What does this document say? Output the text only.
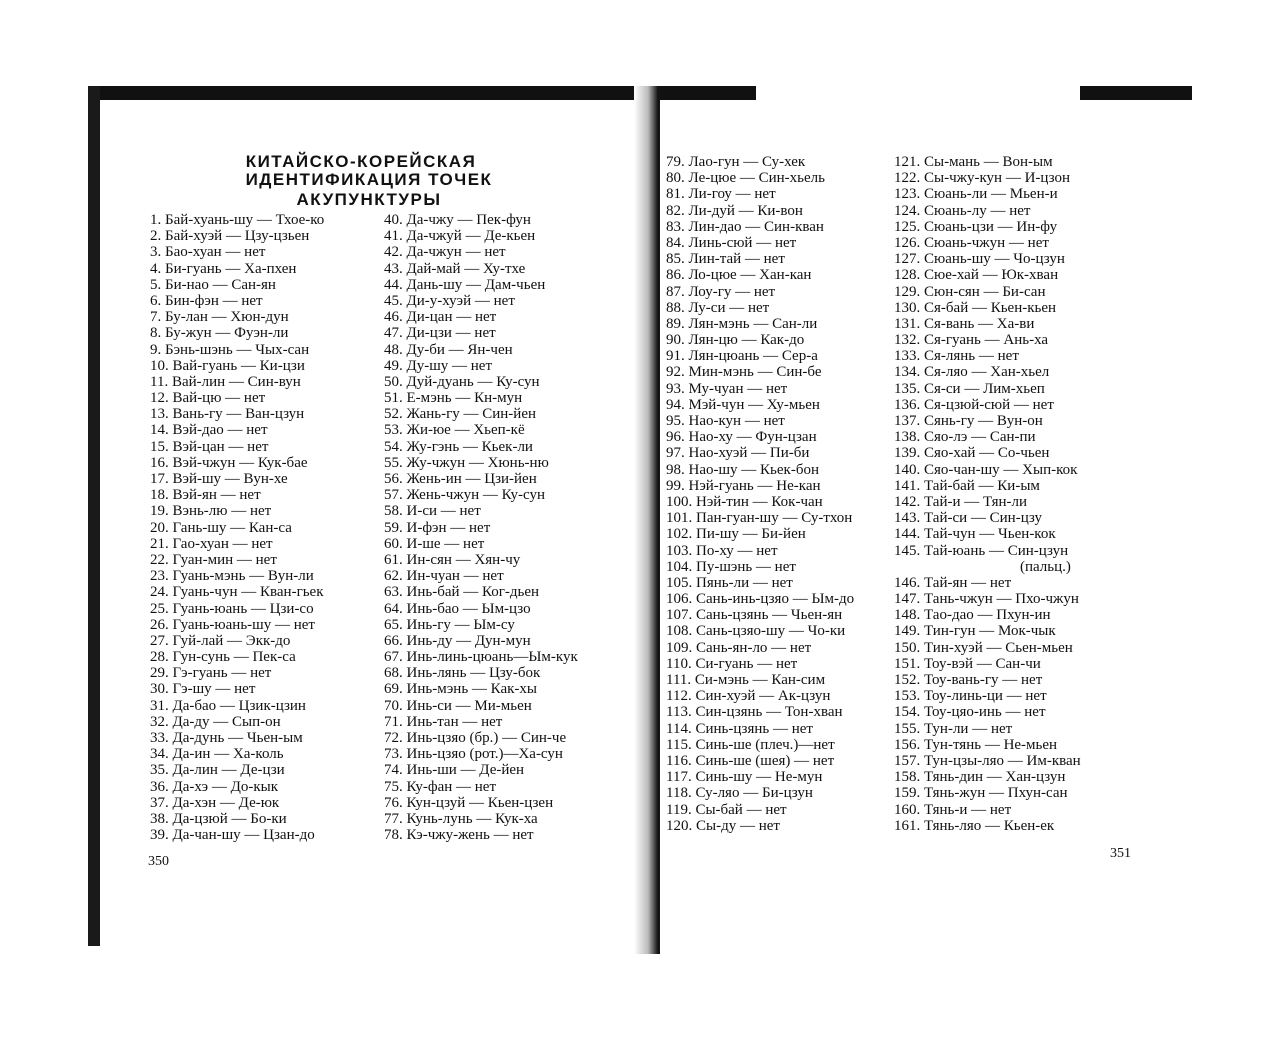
КИТАЙСКО-КОРЕЙСКАЯ
ИДЕНТИФИКАЦИЯ ТОЧЕК АКУПУНКТУРЫ
1. Бай-хуань-шу — Тхое-ко
2. Бай-хуэй — Цзу-цзьен
3. Бао-хуан — нет
4. Би-гуань — Ха-пхен
5. Би-нао — Сан-ян
6. Бин-фэн — нет
7. Бу-лан — Хюн-дун
8. Бу-жун — Фуэн-ли
9. Бэнь-шэнь — Чых-сан
10. Вай-гуань — Ки-цзи
11. Вай-лин — Син-вун
12. Вай-цю — нет
13. Вань-гу — Ван-цзун
14. Вэй-дао — нет
15. Вэй-цан — нет
16. Вэй-чжун — Кук-бае
17. Вэй-шу — Вун-хе
18. Вэй-ян — нет
19. Вэнь-лю — нет
20. Гань-шу — Кан-са
21. Гао-хуан — нет
22. Гуан-мин — нет
23. Гуань-мэнь — Вун-ли
24. Гуань-чун — Кван-гьек
25. Гуань-юань — Цзи-со
26. Гуань-юань-шу — нет
27. Гуй-лай — Экк-до
28. Гун-сунь — Пек-са
29. Гэ-гуань — нет
30. Гэ-шу — нет
31. Да-бао — Цзик-цзин
32. Да-ду — Сып-он
33. Да-дунь — Чьен-ым
34. Да-ин — Ха-коль
35. Да-лин — Де-цзи
36. Да-хэ — До-кык
37. Да-хэн — Де-юк
38. Да-цзюй — Бо-ки
39. Да-чан-шу — Цзан-до
40. Да-чжу — Пек-фун
41. Да-чжуй — Де-кьен
42. Да-чжун — нет
43. Дай-май — Ху-тхе
44. Дань-шу — Дам-чьен
45. Ди-у-хуэй — нет
46. Ди-цан — нет
47. Ди-цзи — нет
48. Ду-би — Ян-чен
49. Ду-шу — нет
50. Дуй-дуань — Ку-сун
51. Е-мэнь — Кн-мун
52. Жань-гу — Син-йен
53. Жи-юе — Хьеп-кё
54. Жу-гэнь — Кьек-ли
55. Жу-чжун — Хюнь-ню
56. Жень-ин — Цзи-йен
57. Жень-чжун — Ку-сун
58. И-си — нет
59. И-фэн — нет
60. И-ше — нет
61. Ин-сян — Хян-чу
62. Ин-чуан — нет
63. Инь-бай — Ког-дьен
64. Инь-бао — Ым-цзо
65. Инь-гу — Ым-су
66. Инь-ду — Дун-мун
67. Инь-линь-цюань—Ым-кук
68. Инь-лянь — Цзу-бок
69. Инь-мэнь — Как-хы
70. Инь-си — Ми-мьен
71. Инь-тан — нет
72. Инь-цзяо (бр.) — Син-че
73. Инь-цзяо (рот.)—Ха-сун
74. Инь-ши — Де-йен
75. Ку-фан — нет
76. Кун-цзуй — Кьен-цзен
77. Кунь-лунь — Кук-ха
78. Кэ-чжу-жень — нет
350
79. Лао-гун — Су-хек
80. Ле-цюе — Син-хьель
81. Ли-гоу — нет
82. Ли-дуй — Ки-вон
83. Лин-дао — Син-кван
84. Линь-сюй — нет
85. Лин-тай — нет
86. Ло-цюе — Хан-кан
87. Лоу-гу — нет
88. Лу-си — нет
89. Лян-мэнь — Сан-ли
90. Лян-цю — Как-до
91. Лян-цюань — Сер-а
92. Мин-мэнь — Син-бе
93. Му-чуан — нет
94. Мэй-чун — Ху-мьен
95. Нао-кун — нет
96. Нао-ху — Фун-цзан
97. Нао-хуэй — Пи-би
98. Нао-шу — Кьек-бон
99. Нэй-гуань — Не-кан
100. Нэй-тин — Кок-чан
101. Пан-гуан-шу — Су-тхон
102. Пи-шу — Би-йен
103. По-ху — нет
104. Пу-шэнь — нет
105. Пянь-ли — нет
106. Сань-инь-цзяо — Ым-до
107. Сань-цзянь — Чьен-ян
108. Сань-цзяо-шу — Чо-ки
109. Сань-ян-ло — нет
110. Си-гуань — нет
111. Си-мэнь — Кан-сим
112. Син-хуэй — Ак-цзун
113. Син-цзянь — Тон-хван
114. Синь-цзянь — нет
115. Синь-ше (плеч.)—нет
116. Синь-ше (шея) — нет
117. Синь-шу — Не-мун
118. Су-ляо — Би-цзун
119. Сы-бай — нет
120. Сы-ду — нет
121. Сы-мань — Вон-ым
122. Сы-чжу-кун — И-цзон
123. Сюань-ли — Мьен-и
124. Сюань-лу — нет
125. Сюань-цзи — Ин-фу
126. Сюань-чжун — нет
127. Сюань-шу — Чо-цзун
128. Сюе-хай — Юк-хван
129. Сюн-сян — Би-сан
130. Ся-бай — Кьен-кьен
131. Ся-вань — Ха-ви
132. Ся-гуань — Ань-ха
133. Ся-лянь — нет
134. Ся-ляо — Хан-хьел
135. Ся-си — Лим-хьеп
136. Ся-цзюй-сюй — нет
137. Сянь-гу — Вун-он
138. Сяо-лэ — Сан-пи
139. Сяо-хай — Со-чьен
140. Сяо-чан-шу — Хып-кок
141. Тай-бай — Ки-ым
142. Тай-и — Тян-ли
143. Тай-си — Син-цзу
144. Тай-чун — Чьен-кок
145. Тай-юань — Син-цзун
(пальц.)
146. Тай-ян — нет
147. Тань-чжун — Пхо-чжун
148. Тао-дао — Пхун-ин
149. Тин-гун — Мок-чык
150. Тин-хуэй — Сьен-мьен
151. Тоу-вэй — Сан-чи
152. Тоу-вань-гу — нет
153. Тоу-линь-ци — нет
154. Тоу-цяо-инь — нет
155. Тун-ли — нет
156. Тун-тянь — Не-мьен
157. Тун-цзы-ляо — Им-кван
158. Тянь-дин — Хан-цзун
159. Тянь-жун — Пхун-сан
160. Тянь-и — нет
161. Тянь-ляо — Кьен-ек
351
